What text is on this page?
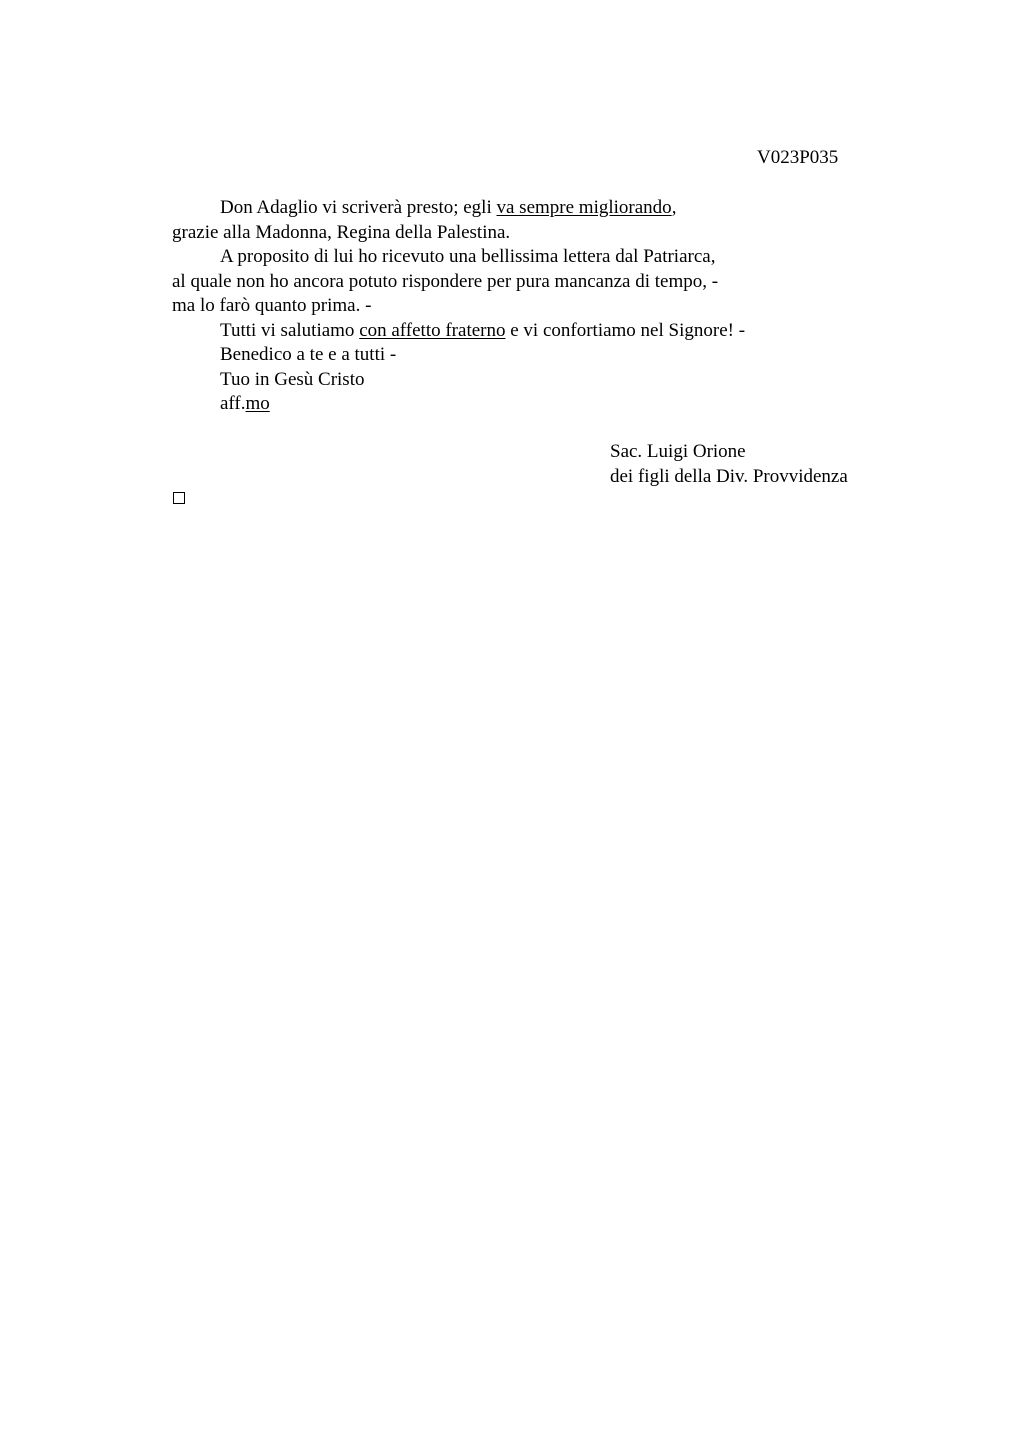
V023P035
Don Adaglio vi scriverà presto; egli va sempre migliorando,
grazie alla Madonna, Regina della Palestina.
A proposito di lui ho ricevuto una bellissima lettera dal Patriarca,
al quale non ho ancora potuto rispondere per pura mancanza di tempo, -
ma lo farò quanto prima. -
Tutti vi salutiamo con affetto fraterno e vi confortiamo nel Signore! -
Benedico a te e a tutti -
Tuo in Gesù Cristo
aff.mo
Sac. Luigi Orione
dei figli della Div. Provvidenza
